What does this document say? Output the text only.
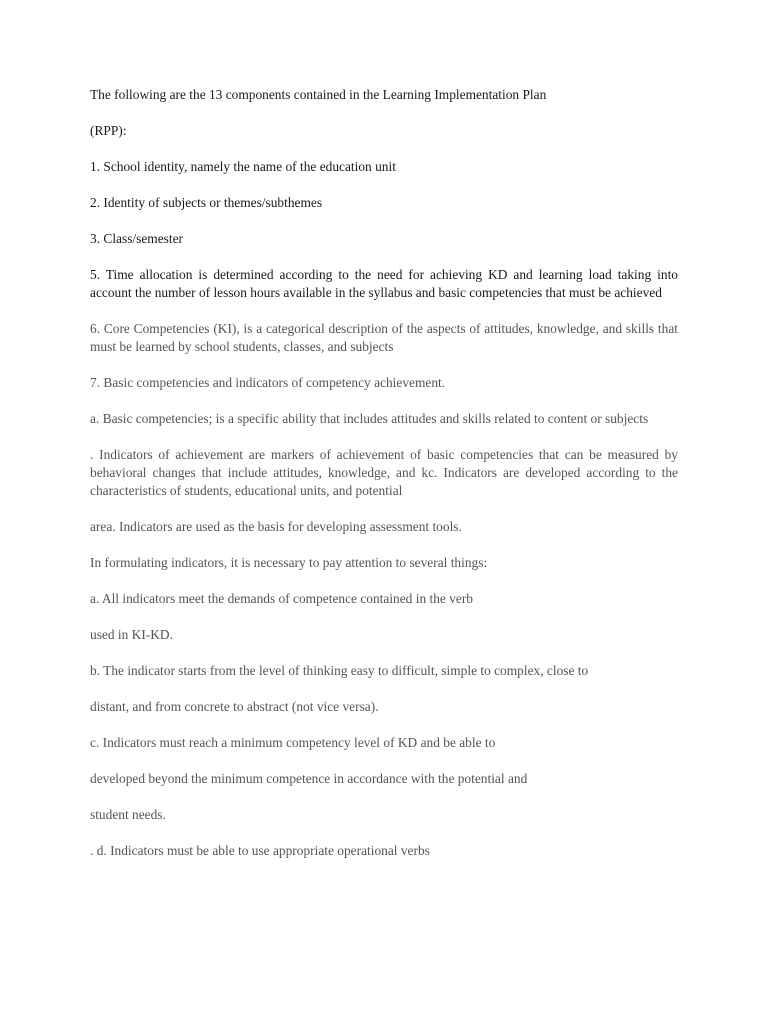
The following are the 13 components contained in the Learning Implementation Plan

(RPP):

1. School identity, namely the name of the education unit

2. Identity of subjects or themes/subthemes

3. Class/semester

5. Time allocation is determined according to the need for achieving KD and learning load taking into account the number of lesson hours available in the syllabus and basic competencies that must be achieved

6. Core Competencies (KI), is a categorical description of the aspects of attitudes, knowledge, and skills that must be learned by school students, classes, and subjects

7. Basic competencies and indicators of competency achievement.

a. Basic competencies; is a specific ability that includes attitudes and skills related to content or subjects

. Indicators of achievement are markers of achievement of basic competencies that can be measured by behavioral changes that include attitudes, knowledge, and kc. Indicators are developed according to the characteristics of students, educational units, and potential

area. Indicators are used as the basis for developing assessment tools.

In formulating indicators, it is necessary to pay attention to several things:

a. All indicators meet the demands of competence contained in the verb

used in KI-KD.

b. The indicator starts from the level of thinking easy to difficult, simple to complex, close to

distant, and from concrete to abstract (not vice versa).

c. Indicators must reach a minimum competency level of KD and be able to

developed beyond the minimum competence in accordance with the potential and

student needs.

. d. Indicators must be able to use appropriate operational verbs
